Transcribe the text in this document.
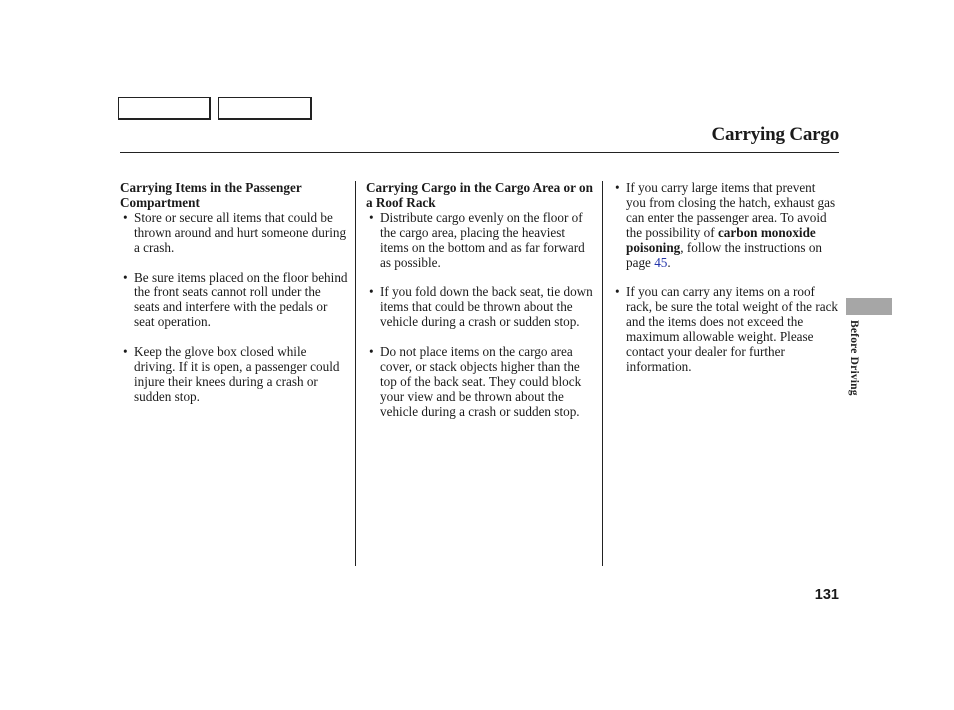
Carrying Cargo
Carrying Items in the Passenger Compartment
• Store or secure all items that could be thrown around and hurt someone during a crash.
• Be sure items placed on the floor behind the front seats cannot roll under the seats and interfere with the pedals or seat operation.
• Keep the glove box closed while driving. If it is open, a passenger could injure their knees during a crash or sudden stop.
Carrying Cargo in the Cargo Area or on a Roof Rack
• Distribute cargo evenly on the floor of the cargo area, placing the heaviest items on the bottom and as far forward as possible.
• If you fold down the back seat, tie down items that could be thrown about the vehicle during a crash or sudden stop.
• Do not place items on the cargo area cover, or stack objects higher than the top of the back seat. They could block your view and be thrown about the vehicle during a crash or sudden stop.
• If you carry large items that prevent you from closing the hatch, exhaust gas can enter the passenger area. To avoid the possibility of carbon monoxide poisoning, follow the instructions on page 45.
• If you can carry any items on a roof rack, be sure the total weight of the rack and the items does not exceed the maximum allowable weight. Please contact your dealer for further information.	Before Driving
131
